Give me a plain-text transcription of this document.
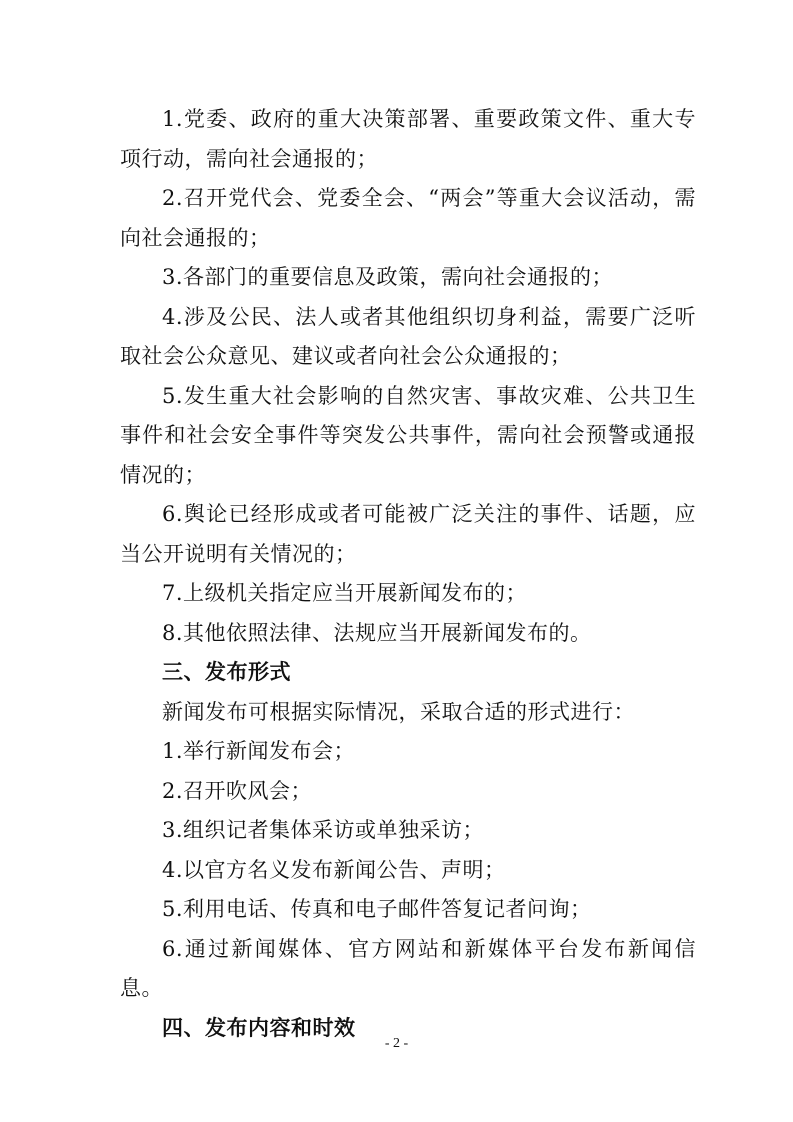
1.党委、政府的重大决策部署、重要政策文件、重大专项行动，需向社会通报的；

2.召开党代会、党委全会、“两会”等重大会议活动，需向社会通报的；

3.各部门的重要信息及政策，需向社会通报的；

4.涉及公民、法人或者其他组织切身利益，需要广泛听取社会公众意见、建议或者向社会公众通报的；

5.发生重大社会影响的自然灾害、事故灾难、公共卫生事件和社会安全事件等突发公共事件，需向社会预警或通报情况的；

6.舆论已经形成或者可能被广泛关注的事件、话题，应当公开说明有关情况的；

7.上级机关指定应当开展新闻发布的；

8.其他依照法律、法规应当开展新闻发布的。

三、发布形式

新闻发布可根据实际情况，采取合适的形式进行：

1.举行新闻发布会；

2.召开吹风会；

3.组织记者集体采访或单独采访；

4.以官方名义发布新闻公告、声明；

5.利用电话、传真和电子邮件答复记者问询；

6.通过新闻媒体、官方网站和新媒体平台发布新闻信息。

四、发布内容和时效

- 2 -
